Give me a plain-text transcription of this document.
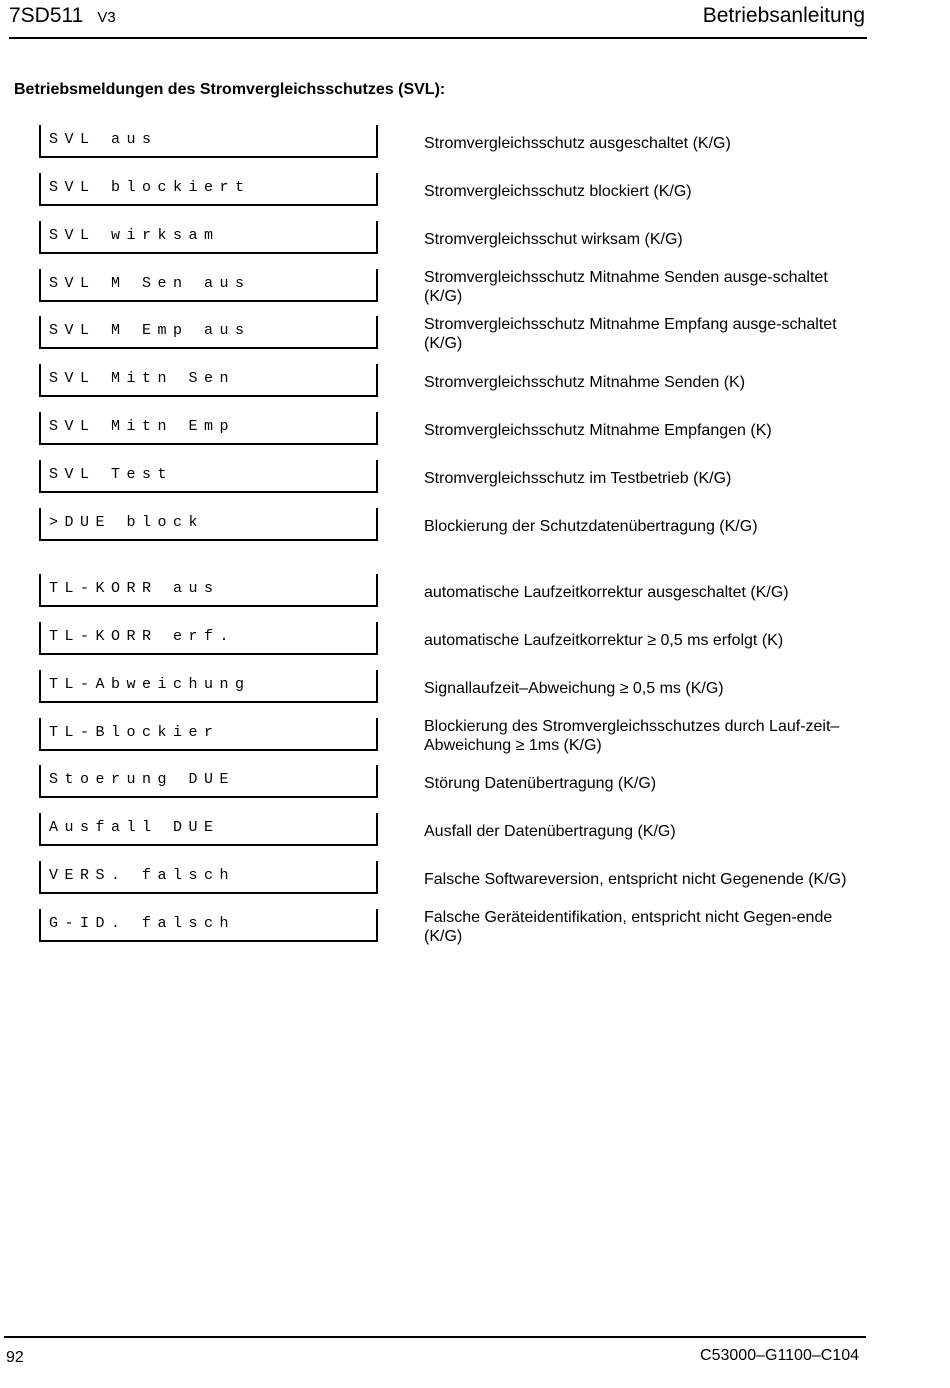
7SD511 V3	Betriebsanleitung
Betriebsmeldungen des Stromvergleichsschutzes (SVL):
SVL aus	Stromvergleichsschutz ausgeschaltet (K/G)
SVL blockiert	Stromvergleichsschutz blockiert (K/G)
SVL wirksam	Stromvergleichsschut wirksam (K/G)
SVL M Sen aus	Stromvergleichsschutz Mitnahme Senden ausge-schaltet (K/G)
SVL M Emp aus	Stromvergleichsschutz Mitnahme Empfang ausge-schaltet (K/G)
SVL Mitn Sen	Stromvergleichsschutz Mitnahme Senden (K)
SVL Mitn Emp	Stromvergleichsschutz Mitnahme Empfangen (K)
SVL Test	Stromvergleichsschutz im Testbetrieb (K/G)
>DUE block	Blockierung der Schutzdatenübertragung (K/G)
TL-KORR aus	automatische Laufzeitkorrektur ausgeschaltet (K/G)
TL-KORR erf.	automatische Laufzeitkorrektur ≥ 0,5 ms erfolgt (K)
TL-Abweichung	Signallaufzeit–Abweichung ≥ 0,5 ms (K/G)
TL-Blockier	Blockierung des Stromvergleichsschutzes durch Lauf-zeit–Abweichung ≥ 1ms (K/G)
Stoerung DUE	Störung Datenübertragung (K/G)
Ausfall DUE	Ausfall der Datenübertragung (K/G)
VERS. falsch	Falsche Softwareversion, entspricht nicht Gegenende (K/G)
G-ID. falsch	Falsche Geräteidentifikation, entspricht nicht Gegen-ende (K/G)
92	C53000–G1100–C104
